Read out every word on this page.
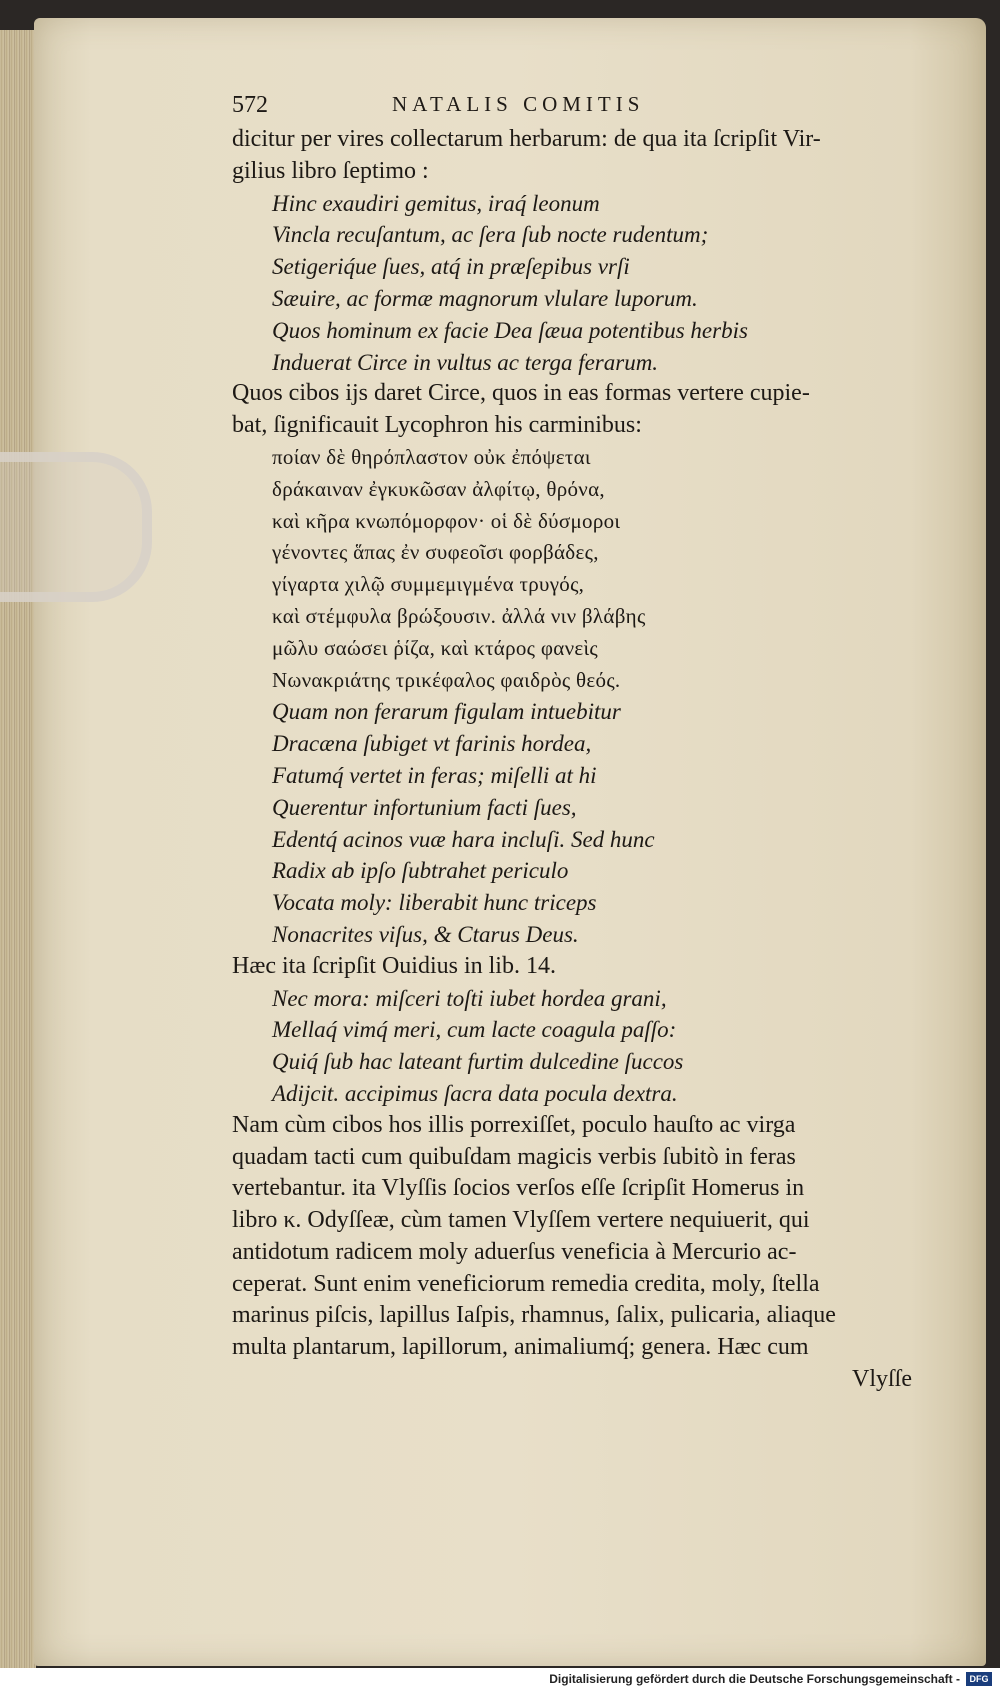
572	NATALIS COMITIS
dicitur per vires collectarum herbarum: de qua ita ſcripſit Vir-
gilius libro ſeptimo :
Hinc exaudiri gemitus, iraq́ leonum
Vincla recuſantum, ac ſera ſub nocte rudentum;
Setigeriq́ue ſues, atq́ in præſepibus vrſi
Sæuire, ac formæ magnorum vlulare luporum.
Quos hominum ex facie Dea ſæua potentibus herbis
Induerat Circe in vultus ac terga ferarum.
Quos cibos ijs daret Circe, quos in eas formas vertere cupie-
bat, ſignificauit Lycophron his carminibus:
ποίαν δὲ θηρόπλαστον οὐκ ἐπόψεται
δράκαιναν ἐγκυκῶσαν ἀλφίτῳ, θρόνα,
καὶ κῆρα κνωπόμορφον· οἱ δὲ δύσμοροι
γένοντες ἅπας ἐν συφεοῖσι φορβάδες,
γίγαρτα χιλῷ συμμεμιγμένα τρυγός,
καὶ στέμφυλα βρώξουσιν. ἀλλά νιν βλάβης
μῶλυ σαώσει ῥίζα, καὶ κτάρος φανεὶς
Νωνακριάτης τρικέφαλος φαιδρὸς θεός.
Quam non ferarum figulam intuebitur
Dracæna ſubiget vt farinis hordea,
Fatumq́ vertet in feras; miſelli at hi
Querentur infortunium facti ſues,
Edentq́ acinos vuæ hara incluſi. Sed hunc
Radix ab ipſo ſubtrahet periculo
Vocata moly: liberabit hunc triceps
Nonacrites viſus, & Ctarus Deus.
Hæc ita ſcripſit Ouidius in lib. 14.
Nec mora: miſceri toſti iubet hordea grani,
Mellaq́ vimq́ meri, cum lacte coagula paſſo:
Quiq́ ſub hac lateant furtim dulcedine ſuccos
Adijcit. accipimus ſacra data pocula dextra.
Nam cùm cibos hos illis porrexiſſet, poculo hauſto ac virga
quadam tacti cum quibuſdam magicis verbis ſubitò in feras
vertebantur. ita Vlyſſis ſocios verſos eſſe ſcripſit Homerus in
libro κ. Odyſſeæ, cùm tamen Vlyſſem vertere nequiuerit, qui
antidotum radicem moly aduerſus veneficia à Mercurio ac-
ceperat. Sunt enim veneficiorum remedia credita, moly, ſtella
marinus piſcis, lapillus Iaſpis, rhamnus, ſalix, pulicaria, aliaque
multa plantarum, lapillorum, animaliumq́; genera. Hæc cum
Vlyſſe
Digitalisierung gefördert durch die Deutsche Forschungsgemeinschaft -	DFG
